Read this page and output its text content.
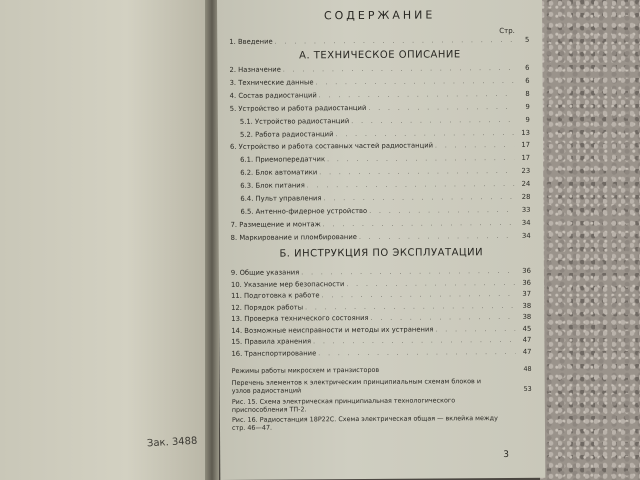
Зак. 3488
СОДЕРЖАНИЕ
Стр.
1. Введение . . .	5
А. ТЕХНИЧЕСКОЕ ОПИСАНИЕ
2. Назначение . . .	6
3. Технические данные . . .	6
4. Состав радиостанций . . .	8
5. Устройство и работа радиостанций . . .	9
5.1. Устройство радиостанций . . .	9
5.2. Работа радиостанций . . .	13
6. Устройство и работа составных частей радиостанций . . .	17
6.1. Приемопередатчик . . .	17
6.2. Блок автоматики . . .	23
6.3. Блок питания . . .	24
6.4. Пульт управления . . .	28
6.5. Антенно-фидерное устройство . . .	33
7. Размещение и монтаж . . .	34
8. Маркирование и пломбирование . . .	34
Б. ИНСТРУКЦИЯ ПО ЭКСПЛУАТАЦИИ
9. Общие указания . . .	36
10. Указание мер безопасности . . .	36
11. Подготовка к работе . . .	37
12. Порядок работы . . .	38
13. Проверка технического состояния . . .	38
14. Возможные неисправности и методы их устранения . . .	45
15. Правила хранения . . .	47
16. Транспортирование . . .	47
Режимы работы микросхем и транзисторов	48
Перечень элементов к электрическим принципиальным схемам блоков и узлов радиостанций	53
Рис. 15. Схема электрическая принципиальная технологического приспособления ТП-2.
Рис. 16. Радиостанция 18Р22С. Схема электрическая общая — вклейка между стр. 46—47.
3
